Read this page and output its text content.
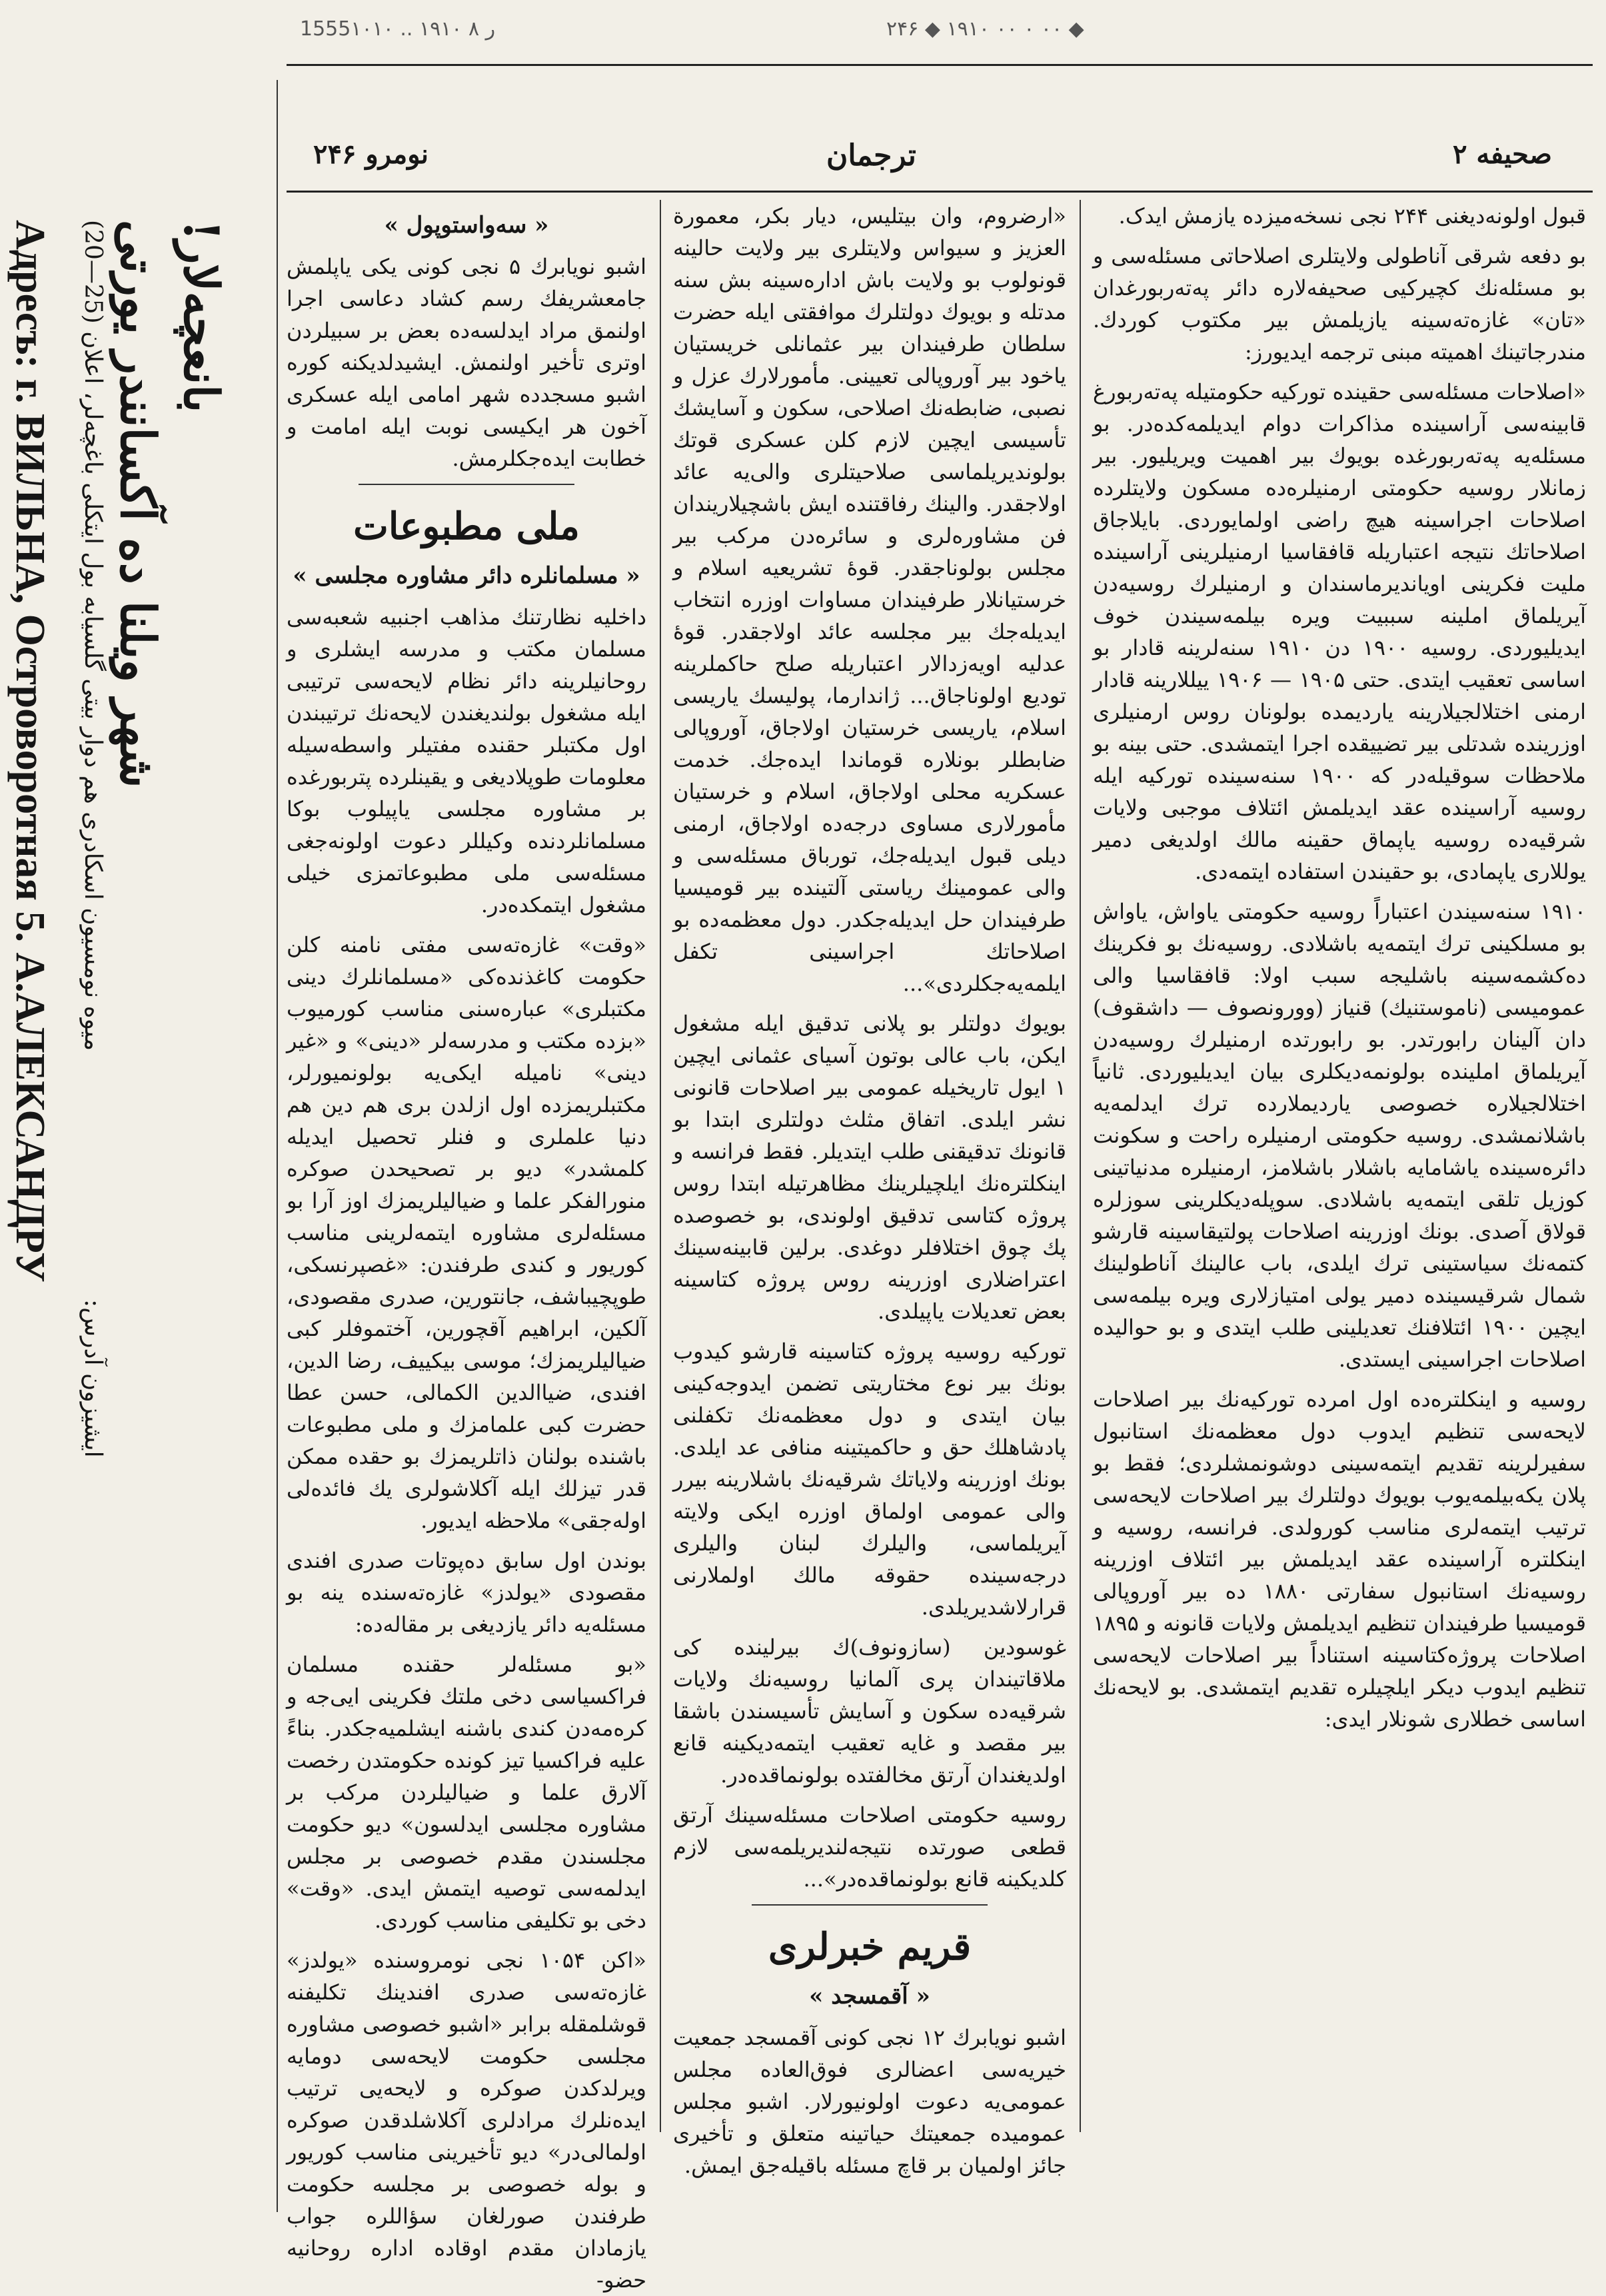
1555ر ۸ ۱۹۱۰ .. ۱۰۱۰	۲۴۶ ◆ ۱۹۱۰ ۰۰ ۰ ۰۰ ◆
نومرو ۲۴۶	ترجمان	صحیفه ۲

قبول اولونه‌دیغنی ۲۴۴ نجی نسخه‌میزده یازمش ایدک.

بو دفعه شرقی آناطولی ولایتلری اصلاحاتی مسئله‌سی و بو مسئله‌نك کچیرکیی صحیفه‌لاره دائر پەتەربورغدان «تان» غازه‌ته‌سینه یازیلمش بیر مکتوب کوردك. مندرجاتینك اهمیته مبنی ترجمه ایدیورز:

«اصلاحات مسئله‌سی حقینده تورکیه حکومتیله پەتەربورغ قابینه‌سی آراسینده مذاکرات دوام ایدیلمه‌کده‌در. بو مسئله‌یه پەتەربورغده بویوك بیر اهمیت ویریلیور. بیر زمانلار روسیه حکومتی ارمنیلره‌ده مسکون ولایتلرده اصلاحات اجراسینه هیچ راضی اولمایوردی. بایلاجاق اصلاحاتك نتیجه اعتباریله قافقاسیا ارمنیلرینی آراسینده ملیت فکرینی اویاندیرماسندان و ارمنیلرك روسیه‌دن آیریلماق املینه سببیت ویره بیلمه‌سیندن خوف ایدیلیوردی. روسیه ۱۹۰۰ دن ۱۹۱۰ سنه‌لرینه قادار بو اساسی تعقیب ایتدی. حتی ۱۹۰۵ — ۱۹۰۶ ییللارینه قادار ارمنی اختلالجیلارینه یاردیمده بولونان روس ارمنیلری اوزرینده شدتلی بیر تضییقده اجرا ایتمشدی. حتی بینه بو ملاحظات سوقیله‌در که ۱۹۰۰ سنه‌سینده تورکیه ایله روسیه آراسینده عقد ایدیلمش ائتلاف موجبی ولایات شرقیه‌ده روسیه یاپماق حقینه مالك اولدیغی دمیر یوللاری یاپمادی، بو حقیندن استفاده ایتمه‌دی.

۱۹۱۰ سنه‌سیندن اعتباراً روسیه حکومتی یاواش، یاواش بو مسلکینی ترك ایتمه‌یه باشلادی. روسیه‌نك بو فکرینك ده‌کشمه‌سینه باشلیجه سبب اولا: قافقاسیا والی عمومیسی (ناموستنیك) قنیاز (وورونصوف — داشقوف) دان آلینان رابورتدر. بو رابورتده ارمنیلرك روسیه‌دن آیریلماق املینده بولونمه‌دیکلری بیان ایدیلیوردی. ثانیاً اختلالجیلاره خصوصی یاردیملارده ترك ایدلمه‌یه باشلانمشدی. روسیه حکومتی ارمنیلره راحت و سکونت دائره‌سینده یاشامایه باشلار باشلامز، ارمنیلره مدنیاتینی کوزیل تلقی ایتمه‌یه باشلادی. سوپله‌دیکلرینی سوزلره قولاق آصدی. بونك اوزرینه اصلاحات پولتیقاسینه قارشو کتمه‌نك سیاستینی ترك ایلدی، باب عالینك آناطولینك شمال شرقیسینده دمیر یولی امتیازلاری ویره بیلمه‌سی ایچین ۱۹۰۰ ائتلافنك تعدیلینی طلب ایتدی و بو حوالیده اصلاحات اجراسینی ایستدی.

روسیه و اینکلتره‌ده اول امرده تورکیه‌نك بیر اصلاحات لایحه‌سی تنظیم ایدوب دول معظمه‌نك استانبول سفیرلرینه تقدیم ایتمه‌سینی دوشونمشلردی؛ فقط بو پلان یکه‌بیلمه‌یوب بویوك دولتلرك بیر اصلاحات لایحه‌سی ترتیب ایتمه‌لری مناسب کورولدی. فرانسه، روسیه و اینکلتره آراسینده عقد ایدیلمش بیر ائتلاف اوزرینه روسیه‌نك استانبول سفارتی ۱۸۸۰ ده بیر آوروپالی قومیسیا طرفیندان تنظیم ایدیلمش ولایات قانونه و ۱۸۹۵ اصلاحات پروژه‌کتاسینه استناداً بیر اصلاحات لایحه‌سی تنظیم ایدوب دیکر ایلچیلره تقدیم ایتمشدی. بو لایحه‌نك اساسی خطلاری شونلار ایدی:

«ارضروم، وان بیتلیس، دیار بکر، معمورة العزیز و سیواس ولایتلری بیر ولایت حالینه قونولوب بو ولایت باش اداره‌سینه بش سنه مدتله و بویوك دولتلرك موافقتی ایله حضرت سلطان طرفیندان بیر عثمانلی خریستیان یاخود بیر آوروپالی تعیینی. مأمورلارك عزل و نصبی، ضابطه‌نك اصلاحی، سکون و آسایشك تأسیسی ایچین لازم کلن عسکری قوتك بولوندیریلماسی صلاحیتلری والی‌یه عائد اولاجقدر. والینك رفاقتنده ایش باشچیلاریندان فن مشاوره‌لری و سائره‌دن مرکب بیر مجلس بولوناجقدر. قوهٔ تشریعیه اسلام و خرستیانلار طرفیندان مساوات اوزره انتخاب ایدیله‌جك بیر مجلسه عائد اولاجقدر. قوهٔ عدلیه اویه‌زدالار اعتباریله صلح حاکملرینه توديع اولوناجاق... ژاندارما، پولیسك یاریسی اسلام، یاریسی خرستیان اولاجاق، آوروپالی ضابطلر بونلاره قوماندا ایده‌جك. خدمت عسکریه محلی اولاجاق، اسلام و خرستیان مأمورلاری مساوی درجه‌ده اولاجاق، ارمنی دیلی قبول ایدیله‌جك، تورباق مسئله‌سی و والی عمومینك ریاستی آلتینده بیر قومیسیا طرفیندان حل ایدیله‌جکدر. دول معظمه‌ده بو اصلاحاتك اجراسینی تکفل ایلمه‌یه‌جکلردی»...

بویوك دولتلر بو پلانی تدقیق ایله مشغول ایکن، باب عالی بوتون آسیای عثمانی ایچین ۱ ایول تاریخیله عمومی بیر اصلاحات قانونی نشر ایلدی. اتفاق مثلث دولتلری ابتدا بو قانونك تدقیقنی طلب ایتدیلر. فقط فرانسه و اینکلتره‌نك ایلچیلرینك مظاهرتیله ابتدا روس پروژه کتاسی تدقیق اولوندی، بو خصوصده پك چوق اختلافلر دوغدی. برلین قابینه‌سینك اعتراضلاری اوزرینه روس پروژه کتاسینه بعض تعدیلات یاپیلدی.

تورکیه روسیه پروژه کتاسینه قارشو کیدوب بونك بیر نوع مختاریتی تضمن ایدوجه‌کینی بیان ایتدی و دول معظمه‌نك تکفلنی پادشاهلك حق و حاکمیتینه منافی عد ایلدی. بونك اوزرینه ولایاتك شرقیه‌نك باشلارینه بیرر والی عمومی اولماق اوزره ایکی ولایته آیریلماسی، والیلرك لبنان والیلری درجه‌سینده حقوقه مالك اولملارنی قرارلاشدیریلدی.

غوسودین (سازونوف)ك بیرلینده کی ملاقاتیندان پری آلمانیا روسیه‌نك ولایات شرقیه‌ده سکون و آسایش تأسیسندن باشقا بیر مقصد و غایه تعقیب ایتمه‌دیکینه قانع اولدیغندان آرتق مخالفتده بولونماقده‌در.

روسیه حکومتی اصلاحات مسئله‌سینك آرتق قطعی صورتده نتیجه‌لندیریلمه‌سی لازم کلدیکینه قانع بولونماقده‌در»...

قریم خبرلری
« آقمسجد »

اشبو نویابرك ۱۲ نجی کونی آقمسجد جمعیت خیریه‌سی اعضالری فوق‌العاده مجلس عمومی‌یه دعوت اولونیورلار. اشبو مجلس عمومیده جمعیتك حیاتینه متعلق و تأخیری جائز اولمیان بر قاچ مسئله باقیله‌جق ایمش.

« سەواستوپول »

اشبو نویابرك ۵ نجی کونی یکی یاپلمش جامعشریفك رسم کشاد دعاسی اجرا اولنمق مراد ایدلسه‌ده بعض بر سبیلردن اوتری تأخیر اولنمش. ایشیدلدیکنه کوره اشبو مسجدده شهر امامی ایله عسکری آخون هر ایکیسی نوبت ایله امامت و خطابت ایده‌جکلرمش.

ملی مطبوعات
« مسلمانلره دائر مشاوره مجلسی »

داخلیه نظارتنك مذاهب اجنبیه شعبه‌سی مسلمان مکتب و مدرسه ایشلری و روحانیلرینه دائر نظام لایحه‌سی ترتیبی ایله مشغول بولندیغندن لایحه‌نك ترتیبندن اول مکتبلر حقنده مفتیلر واسطه‌سیله معلومات طوپلادیغی و یقینلرده پتربورغده بر مشاوره مجلسی یاپیلوب بوکا مسلمانلردنده وکیللر دعوت اولونه‌جغی مسئله‌سی ملی مطبوعاتمزی خیلی مشغول ایتمکده‌در.

«وقت» غازه‌ته‌سی مفتی نامنه کلن حکومت کاغذنده‌کی «مسلمانلرك دینی مکتبلری» عبارەسنی مناسب کورمیوب «بزده مکتب و مدرسه‌لر «دینی» و «غیر دینی» نامیله ایکی‌یه بولونمیورلر، مکتبلریمزده اول ازلدن بری هم دین هم دنیا علملری و فنلر تحصیل ایدیله کلمشدر» دیو بر تصحیحدن صوکره منورالفکر علما و ضیالیلریمزك اوز آرا بو مسئله‌لری مشاوره ایتمه‌لرینی مناسب کوریور و کندی طرفندن: «غصپرنسکی، طوپچیباشف، جانتورین، صدری مقصودی، آلکین، ابراهیم آقچورین، آختموفلر کبی ضیالیلریمزك؛ موسی بیکییف، رضا الدین، افندی، ضیاالدین الکمالی، حسن عطا حضرت کبی علمامزك و ملی مطبوعات باشنده بولنان ذاتلریمزك بو حقده ممکن قدر تیزلك ایله آکلاشولری یك فائده‌لی اوله‌جقی» ملاحظه ایدیور.

بوندن اول سابق دەپوتات صدری افندی مقصودی «یولدز» غازه‌ته‌سنده ینه بو مسئله‌یه دائر یازدیغی بر مقاله‌ده:

«بو مسئله‌لر حقنده مسلمان فراکسیاسی دخی ملتك فکرینی ایی‌جه و کرەمه‌دن کندی باشنه ایشلمیه‌جکدر. بناءً علیه فراکسیا تیز کونده حکومتدن رخصت آلارق علما و ضیالیلردن مرکب بر مشاوره مجلسی ایدلسون» دیو حکومت مجلسندن مقدم خصوصی بر مجلس ایدلمه‌سی توصیه ایتمش ایدی. «وقت» دخی بو تکلیفی مناسب کوردی.

«اکن ۱۰۵۴ نجی نومروسنده «یولدز» غازه‌ته‌سی صدری افندینك تکلیفنه قوشلمقله برابر «اشبو خصوصی مشاوره مجلسی حکومت لایحه‌سی دومایه ویرلدکدن صوکره و لایحه‌یی ترتیب ایده‌نلرك مرادلری آکلاشلدقدن صوکره اولمالی‌در» دیو تأخیرینی مناسب کوریور و بوله خصوصی بر مجلسه حکومت طرفندن صورلغان سؤاللره جواب یازمادان مقدم اوقاده اداره روحانیه حضو-

Адресъ: г. ВИЛЬНА, Островоротная 5. А.АЛЕКСАНДРУ شهر ویلنا ده آکسانندر یورتی بانعچه‌لار!
میوه نومسیون اسکادری هم دوار بیتی گلسیابه بول ایتکلی باغچه‌لر، اعلان (25—20)
ایشیزون آدرس:
